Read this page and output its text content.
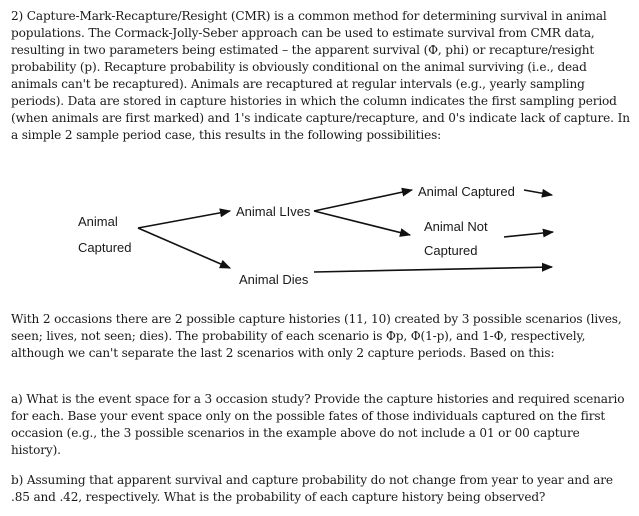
2) Capture-Mark-Recapture/Resight (CMR) is a common method for determining survival in animal populations. The Cormack-Jolly-Seber approach can be used to estimate survival from CMR data, resulting in two parameters being estimated – the apparent survival (Φ, phi) or recapture/resight probability (p). Recapture probability is obviously conditional on the animal surviving (i.e., dead animals can't be recaptured). Animals are recaptured at regular intervals (e.g., yearly sampling periods). Data are stored in capture histories in which the column indicates the first sampling period (when animals are first marked) and 1's indicate capture/recapture, and 0's indicate lack of capture. In a simple 2 sample period case, this results in the following possibilities:

Animal
Captured
Animal LIves
Animal Dies
Animal Captured
Animal Not
Captured

With 2 occasions there are 2 possible capture histories (11, 10) created by 3 possible scenarios (lives, seen; lives, not seen; dies). The probability of each scenario is Φp, Φ(1-p), and 1-Φ, respectively, although we can't separate the last 2 scenarios with only 2 capture periods. Based on this:

a) What is the event space for a 3 occasion study? Provide the capture histories and required scenario for each. Base your event space only on the possible fates of those individuals captured on the first occasion (e.g., the 3 possible scenarios in the example above do not include a 01 or 00 capture history).

b) Assuming that apparent survival and capture probability do not change from year to year and are .85 and .42, respectively. What is the probability of each capture history being observed?
